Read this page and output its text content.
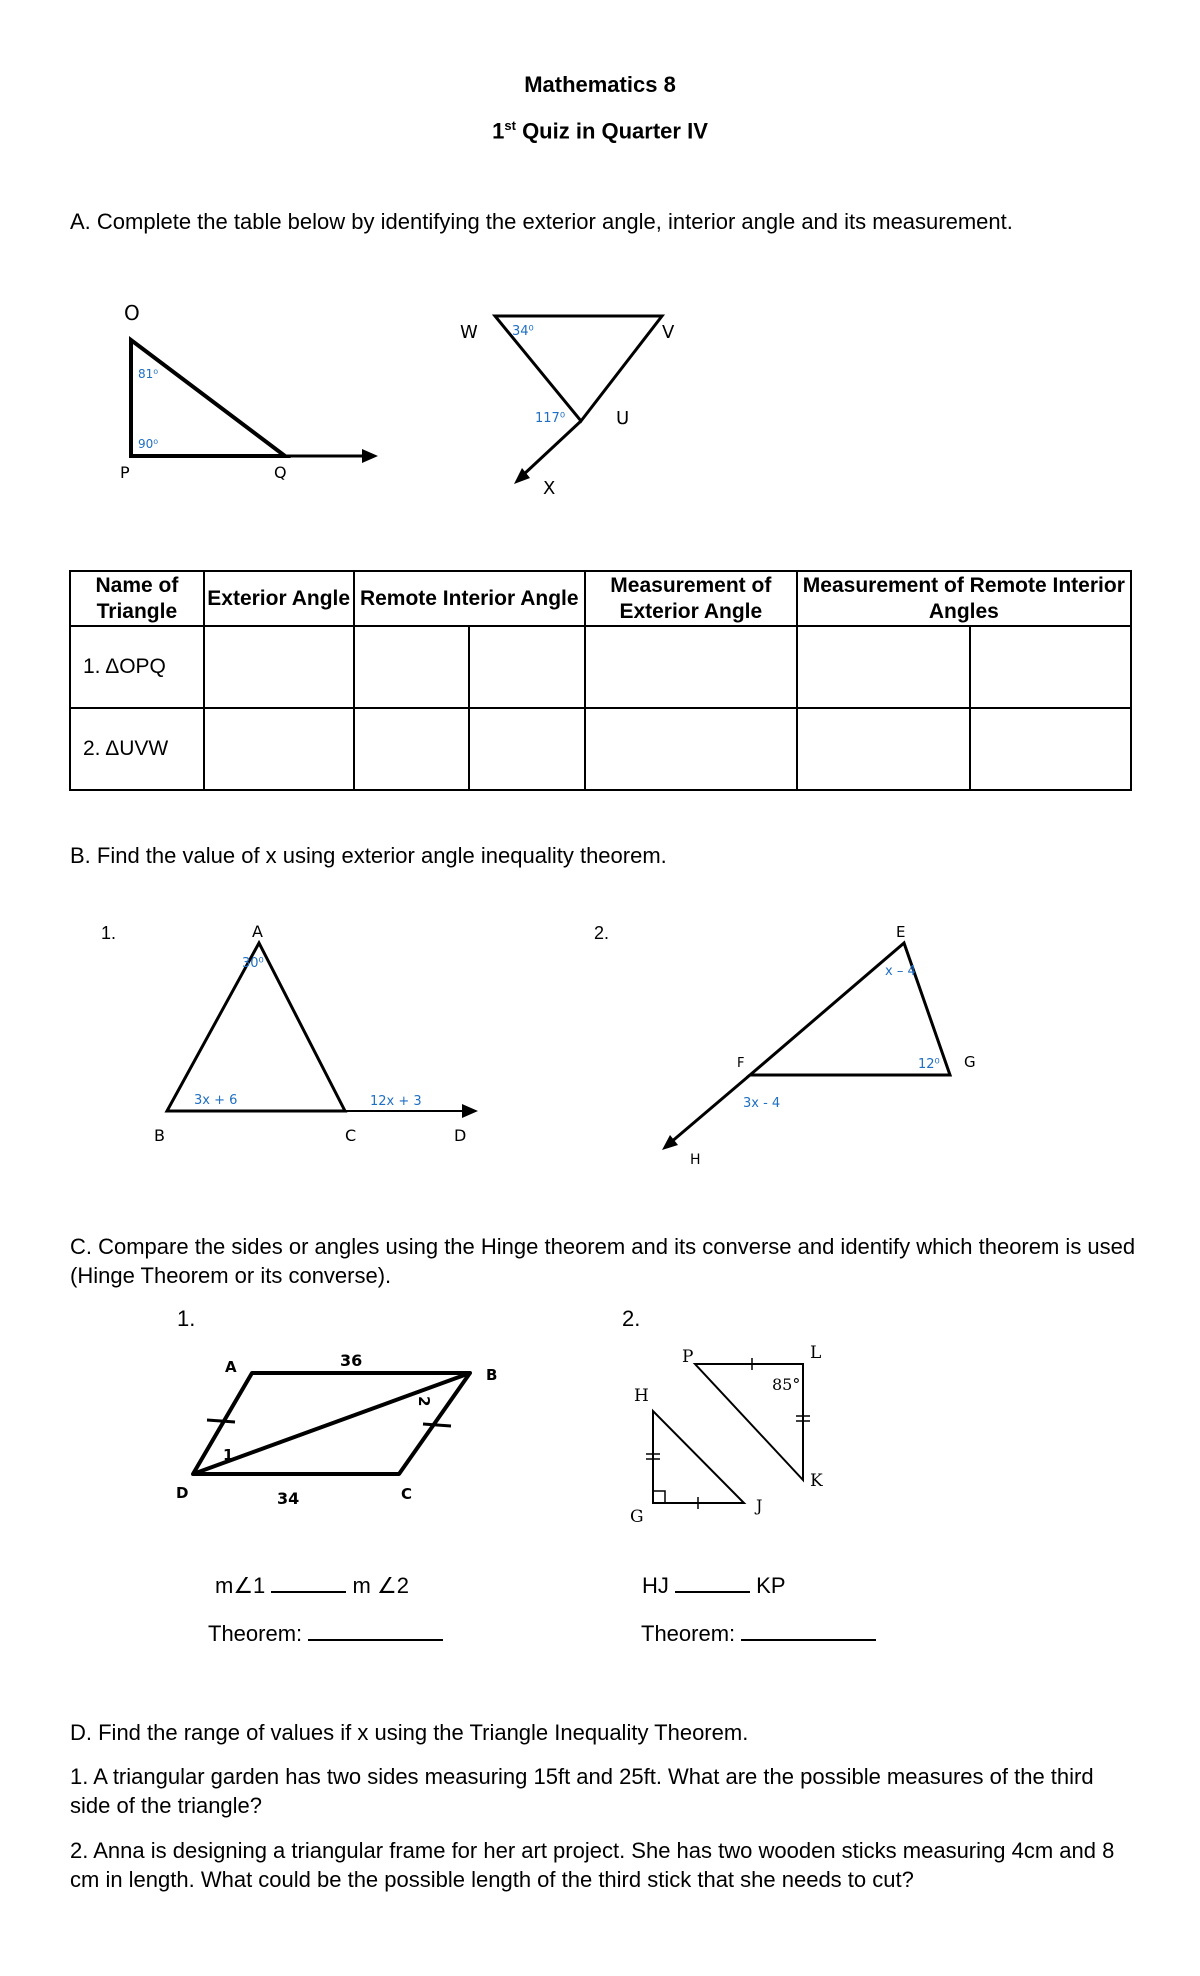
Mathematics 8
1st Quiz in Quarter IV
A. Complete the table below by identifying the exterior angle, interior angle and its measurement.
O
P	Q
81⁰
90⁰
W	V
U
X
34⁰
117⁰
Name of Triangle	Exterior Angle	Remote Interior Angle		Measurement of Exterior Angle	Measurement of Remote Interior Angles	
1. ΔOPQ						
2. ΔUVW						
B. Find the value of x using exterior angle inequality theorem.
1.	A
B	C	D
30⁰
3x + 6	12x + 3
2.	E
F	G
H
x – 4
12⁰
3x - 4
C. Compare the sides or angles using the Hinge theorem and its converse and identify which theorem is used (Hinge Theorem or its converse).
1.
A	B
C
D
36
34
1
2
m∠1	m ∠2
Theorem:
2.
P	L
K
H
G
J
85°
HJ	KP
Theorem:
D. Find the range of values if x using the Triangle Inequality Theorem.
1. A triangular garden has two sides measuring 15ft and 25ft. What are the possible measures of the third side of the triangle?
2. Anna is designing a triangular frame for her art project. She has two wooden sticks measuring 4cm and 8 cm in length. What could be the possible length of the third stick that she needs to cut?
